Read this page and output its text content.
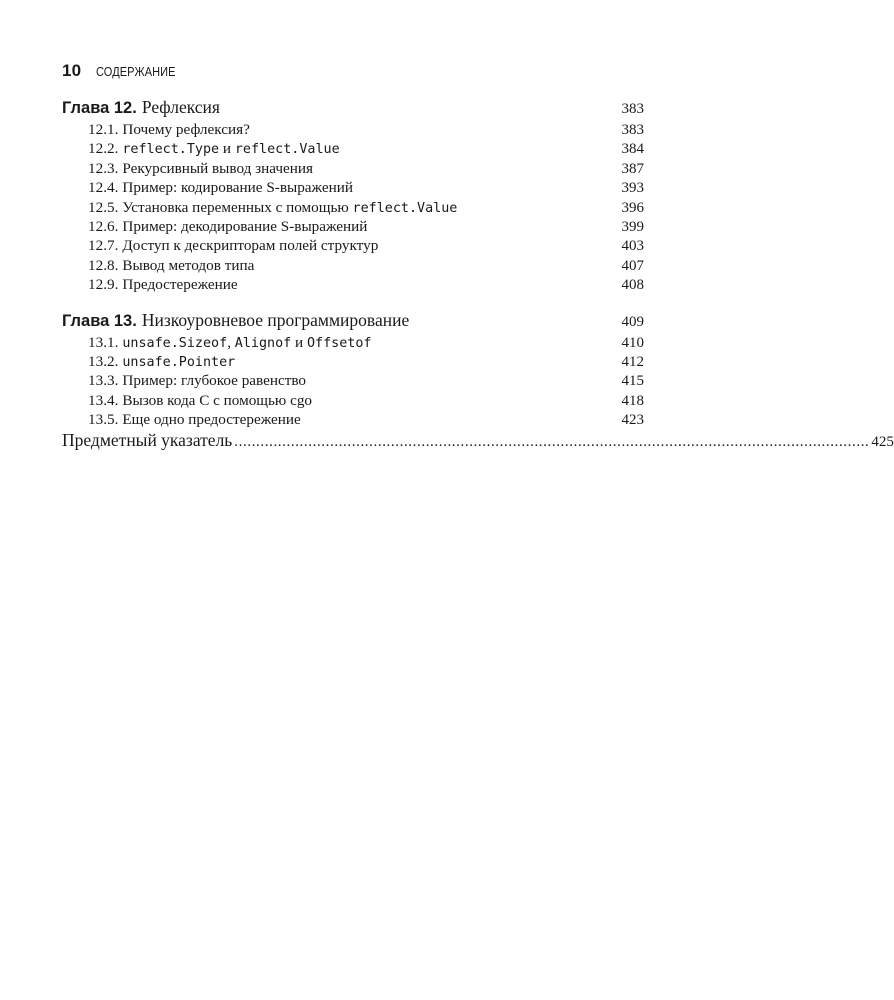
10 СОДЕРЖАНИЕ
Глава 12. Рефлексия	383
12.1. Почему рефлексия?	383
12.2. reflect.Type и reflect.Value	384
12.3. Рекурсивный вывод значения	387
12.4. Пример: кодирование S-выражений	393
12.5. Установка переменных с помощью reflect.Value	396
12.6. Пример: декодирование S-выражений	399
12.7. Доступ к дескрипторам полей структур	403
12.8. Вывод методов типа	407
12.9. Предостережение	408
Глава 13. Низкоуровневое программирование	409
13.1. unsafe.Sizeof, Alignof и Offsetof	410
13.2. unsafe.Pointer	412
13.3. Пример: глубокое равенство	415
13.4. Вызов кода С с помощью cgo	418
13.5. Еще одно предостережение	423
Предметный указатель .................................................................................................................................................. 425
